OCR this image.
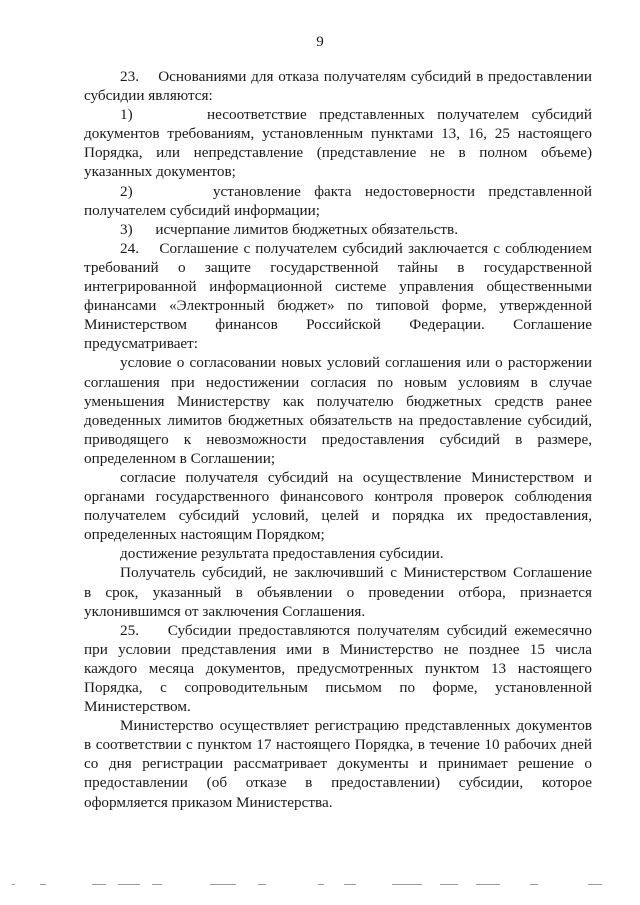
9

23.    Основаниями для отказа получателям субсидий в предоставлении
субсидии являются:

1)      несоответствие представленных получателем субсидий
документов требованиям, установленным пунктами 13, 16, 25 настоящего
Порядка, или непредставление (представление не в полном объеме)
указанных документов;

2)      установление факта недостоверности представленной
получателем субсидий информации;

3)      исчерпание лимитов бюджетных обязательств.

24.    Соглашение с получателем субсидий заключается с соблюдением
требований о защите государственной тайны в государственной
интегрированной информационной системе управления общественными
финансами «Электронный бюджет» по типовой форме, утвержденной
Министерством финансов Российской Федерации. Соглашение
предусматривает:

условие о согласовании новых условий соглашения или о расторжении
соглашения при недостижении согласия по новым условиям в случае
уменьшения Министерству как получателю бюджетных средств ранее
доведенных лимитов бюджетных обязательств на предоставление субсидий,
приводящего к невозможности предоставления субсидий в размере,
определенном в Соглашении;

согласие получателя субсидий на осуществление Министерством и
органами государственного финансового контроля проверок соблюдения
получателем субсидий условий, целей и порядка их предоставления,
определенных настоящим Порядком;

достижение результата предоставления субсидии.

Получатель субсидий, не заключивший с Министерством Соглашение
в срок, указанный в объявлении о проведении отбора, признается
уклонившимся от заключения Соглашения.

25.    Субсидии предоставляются получателям субсидий ежемесячно
при условии представления ими в Министерство не позднее 15 числа
каждого месяца документов, предусмотренных пунктом 13 настоящего
Порядка, с сопроводительным письмом по форме, установленной
Министерством.

Министерство осуществляет регистрацию представленных документов
в соответствии с пунктом 17 настоящего Порядка, в течение 10 рабочих дней
со дня регистрации рассматривает документы и принимает решение о
предоставлении (об отказе в предоставлении) субсидии, которое
оформляется приказом Министерства.
